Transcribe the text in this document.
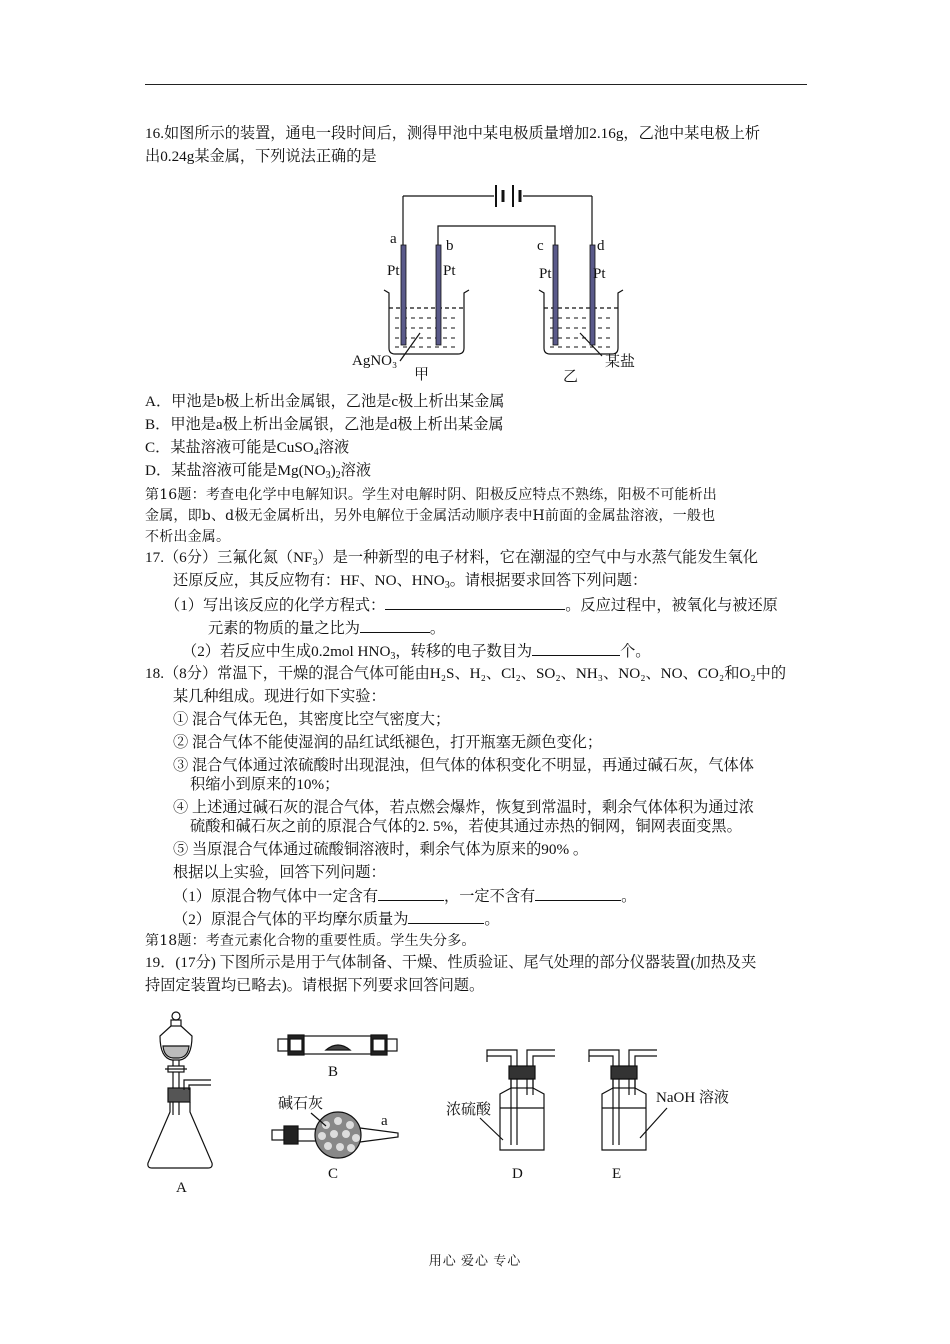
16.如图所示的装置，通电一段时间后，测得甲池中某电极质量增加2.16g，乙池中某电极上析
出0.24g某金属，下列说法正确的是
a	b	c	d
Pt	Pt	Pt	Pt
AgNO₃
甲	乙
某盐
A
B
C	D	E
碱石灰
a
浓硫酸
NaOH 溶液
A．甲池是b极上析出金属银，乙池是c极上析出某金属
B．甲池是a极上析出金属银，乙池是d极上析出某金属
C．某盐溶液可能是CuSO$_4$溶液
D．某盐溶液可能是$Mg(NO_3)_2$溶液
第16题：考查电化学中电解知识。学生对电解时阴、阳极反应特点不熟练，阳极不可能析出
金属，即b、d极无金属析出，另外电解位于金属活动顺序表中H前面的金属盐溶液，一般也
不析出金属。
17.（6分）三氟化氮$(NF_3)$是一种新型的电子材料，它在潮湿的空气中与水蒸气能发生氧化
还原反应，其反应物有：HF、NO、$HNO_3$。请根据要求回答下列问题：
（1）写出该反应的化学方程式：	。反应过程中，被氧化与被还原
元素的物质的量之比为	。
（2）若反应中生成0.2mol $HNO_3$，转移的电子数目为	个。
18.（8分）常温下，干燥的混合气体可能由H₂S、H₂、Cl₂、SO₂、NH₃、NO₂、NO、CO₂和O₂中的
某几种组成。现进行如下实验：
① 混合气体无色，其密度比空气密度大；
② 混合气体不能使湿润的品红试纸褪色，打开瓶塞无颜色变化；
③ 混合气体通过浓硫酸时出现混浊，但气体的体积变化不明显，再通过碱石灰，气体体
积缩小到原来的10%；
④ 上述通过碱石灰的混合气体，若点燃会爆炸，恢复到常温时，剩余气体体积为通过浓
硫酸和碱石灰之前的原混合气体的2. 5%，若使其通过赤热的铜网，铜网表面变黑。
⑤ 当原混合气体通过硫酸铜溶液时，剩余气体为原来的90% 。
根据以上实验，回答下列问题：
（1）原混合物气体中一定含有	，一定不含有	。
（2）原混合气体的平均摩尔质量为	。
第18题：考查元素化合物的重要性质。学生失分多。
19．(17分) 下图所示是用于气体制备、干燥、性质验证、尾气处理的部分仪器装置(加热及夹
持固定装置均已略去)。请根据下列要求回答问题。
用心 爱心 专心
